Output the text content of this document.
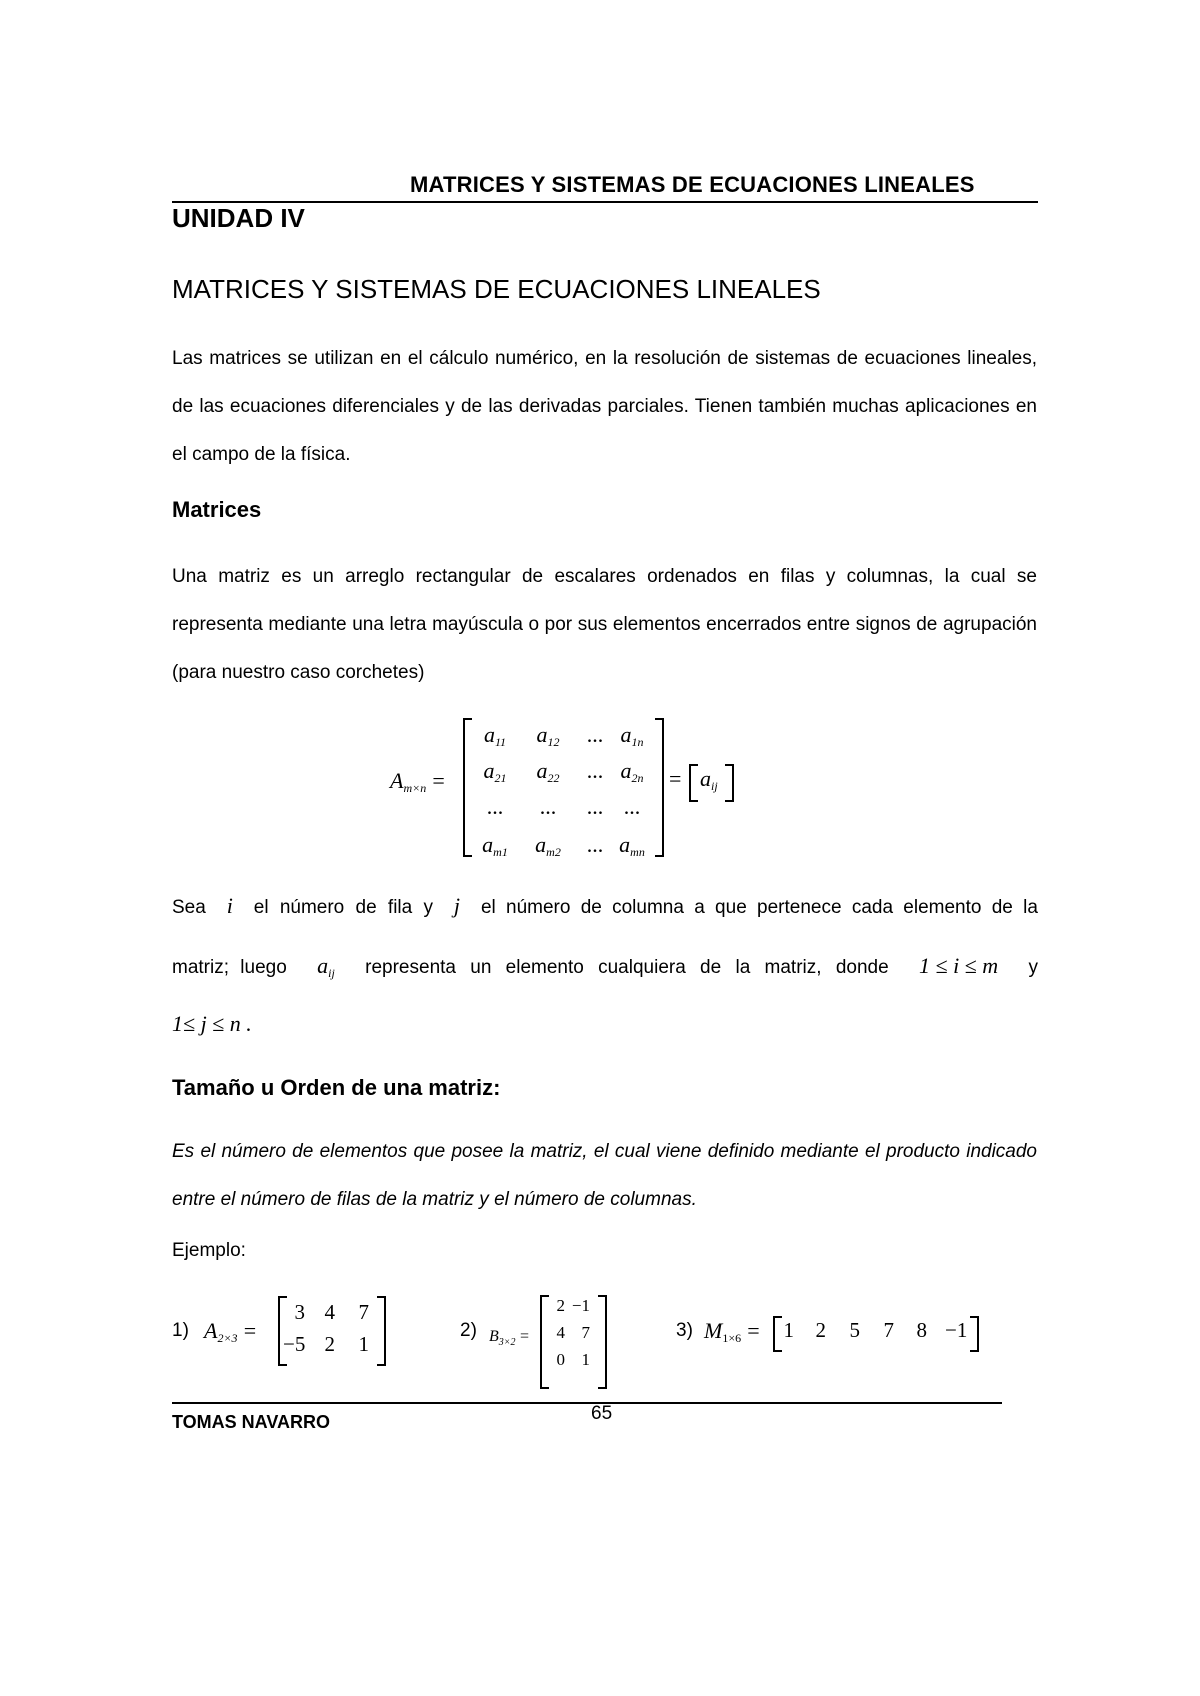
MATRICES Y SISTEMAS DE ECUACIONES LINEALES
UNIDAD IV
MATRICES Y SISTEMAS DE ECUACIONES LINEALES
Las matrices se utilizan en el cálculo numérico, en la resolución de sistemas de ecuaciones lineales, de las ecuaciones diferenciales y de las derivadas parciales. Tienen también muchas aplicaciones en el campo de la física.
Matrices
Una matriz es un arreglo rectangular de escalares ordenados en filas y columnas, la cual se representa mediante una letra mayúscula o por sus elementos encerrados entre signos de agrupación (para nuestro caso corchetes)
$A_{m\times n}$ =
$a_{11}$	$a_{12}$	... $a_{1n}$
$a_{21}$	$a_{22}$	... $a_{2n}$
...	...	... ...
$a_{m1}$	$a_{m2}$	... $a_{mn}$
= $a_{ij}$
Sea i el número de fila y j el número de columna a que pertenece cada elemento de la
matriz; luego $a_{ij}$ representa un elemento cualquiera de la matriz, donde 1 ≤ i ≤ m y
1≤ j ≤ n .
Tamaño u Orden de una matriz:
Es el número de elementos que posee la matriz, el cual viene definido mediante el producto indicado entre el número de filas de la matriz y el número de columnas.
Ejemplo:
1) $A_{2\times 3}$ =
3 4	7
−5 2	1
2) $B_{3\times 2}$ =
2 −1
4 7
0 1
3) $M_{1\times 6}$ =	1	2	5	7	8 −1
TOMAS NAVARRO	65
